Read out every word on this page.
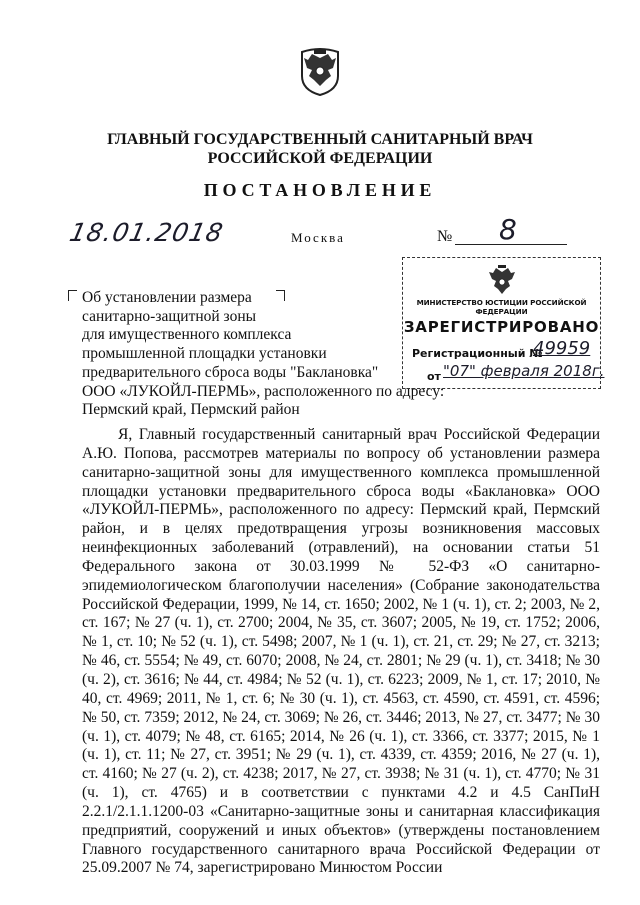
ГЛАВНЫЙ ГОСУДАРСТВЕННЫЙ САНИТАРНЫЙ ВРАЧ
РОССИЙСКОЙ ФЕДЕРАЦИИ
ПОСТАНОВЛЕНИЕ
18.01.2018	Москва	№ 8
Об установлении размера
санитарно-защитной зоны
для имущественного комплекса
промышленной площадки установки
предварительного сброса воды "Баклановка"
ООО «ЛУКОЙЛ-ПЕРМЬ», расположенного по адресу:
Пермский край, Пермский район
МИНИСТЕРСТВО ЮСТИЦИИ РОССИЙСКОЙ ФЕДЕРАЦИИ
ЗАРЕГИСТРИРОВАНО
Регистрационный №
49959
от "07" февраля 2018г.
Я, Главный государственный санитарный врач Российской Федерации А.Ю. Попова, рассмотрев материалы по вопросу об установлении размера санитарно-защитной зоны для имущественного комплекса промышленной площадки установки предварительного сброса воды «Баклановка» ООО «ЛУКОЙЛ-ПЕРМЬ», расположенного по адресу: Пермский край, Пермский район, и в целях предотвращения угрозы возникновения массовых неинфекционных заболеваний (отравлений), на основании статьи 51 Федерального закона от 30.03.1999 № 52-ФЗ «О санитарно-эпидемиологическом благополучии населения» (Собрание законодательства Российской Федерации, 1999, № 14, ст. 1650; 2002, № 1 (ч. 1), ст. 2; 2003, № 2, ст. 167; № 27 (ч. 1), ст. 2700; 2004, № 35, ст. 3607; 2005, № 19, ст. 1752; 2006, № 1, ст. 10; № 52 (ч. 1), ст. 5498; 2007, № 1 (ч. 1), ст. 21, ст. 29; № 27, ст. 3213; № 46, ст. 5554; № 49, ст. 6070; 2008, № 24, ст. 2801; № 29 (ч. 1), ст. 3418; № 30 (ч. 2), ст. 3616; № 44, ст. 4984; № 52 (ч. 1), ст. 6223; 2009, № 1, ст. 17; 2010, № 40, ст. 4969; 2011, № 1, ст. 6; № 30 (ч. 1), ст. 4563, ст. 4590, ст. 4591, ст. 4596; № 50, ст. 7359; 2012, № 24, ст. 3069; № 26, ст. 3446; 2013, № 27, ст. 3477; № 30 (ч. 1), ст. 4079; № 48, ст. 6165; 2014, № 26 (ч. 1), ст. 3366, ст. 3377; 2015, № 1 (ч. 1), ст. 11; № 27, ст. 3951; № 29 (ч. 1), ст. 4339, ст. 4359; 2016, № 27 (ч. 1), ст. 4160; № 27 (ч. 2), ст. 4238; 2017, № 27, ст. 3938; № 31 (ч. 1), ст. 4770; № 31 (ч. 1), ст. 4765) и в соответствии с пунктами 4.2 и 4.5 СанПиН 2.2.1/2.1.1.1200-03 «Санитарно-защитные зоны и санитарная классификация предприятий, сооружений и иных объектов» (утверждены постановлением Главного государственного санитарного врача Российской Федерации от 25.09.2007 № 74, зарегистрировано Минюстом России
